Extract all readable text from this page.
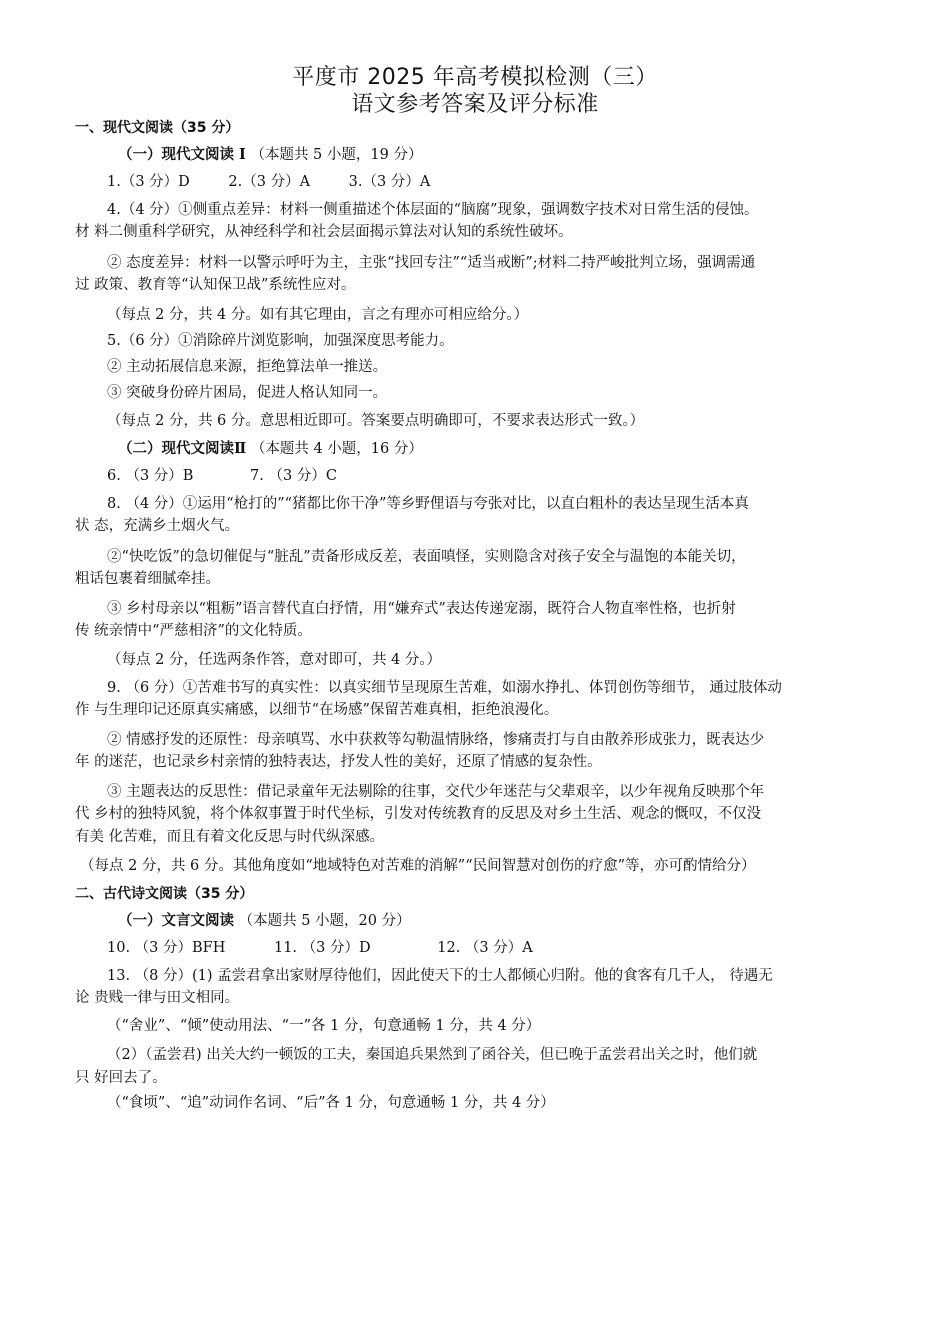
平度市 2025 年高考模拟检测（三）
语文参考答案及评分标准
一、现代文阅读（35 分）
（一）现代文阅读 I （本题共 5 小题，19 分）
1.（3 分）D	2.（3 分）A	3.（3 分）A
4.（4 分）①侧重点差异：材料一侧重描述个体层面的“脑腐”现象，强调数字技术对日常生活的侵蚀。
材 料二侧重科学研究，从神经科学和社会层面揭示算法对认知的系统性破坏。
② 态度差异：材料一以警示呼吁为主，主张“找回专注”“适当戒断”;材料二持严峻批判立场，强调需通
过 政策、教育等“认知保卫战”系统性应对。
（每点 2 分，共 4 分。如有其它理由，言之有理亦可相应给分。）
5.（6 分）①消除碎片浏览影响，加强深度思考能力。
② 主动拓展信息来源，拒绝算法单一推送。
③ 突破身份碎片困局，促进人格认知同一。
（每点 2 分，共 6 分。意思相近即可。答案要点明确即可，不要求表达形式一致。）
（二）现代文阅读Ⅱ （本题共 4 小题，16 分）
6. （3 分）B	7. （3 分）C
8. （4 分）①运用“枪打的”“猪都比你干净”等乡野俚语与夸张对比，以直白粗朴的表达呈现生活本真
状 态，充满乡土烟火气。
②“快吃饭”的急切催促与“脏乱”责备形成反差，表面嗔怪，实则隐含对孩子安全与温饱的本能关切，
粗话包裹着细腻牵挂。
③ 乡村母亲以“粗粝”语言替代直白抒情，用“嫌弃式”表达传递宠溺，既符合人物直率性格，也折射
传 统亲情中“严慈相济”的文化特质。
（每点 2 分，任选两条作答，意对即可，共 4 分。）
9. （6 分）①苦难书写的真实性：以真实细节呈现原生苦难，如溺水挣扎、体罚创伤等细节， 通过肢体动
作 与生理印记还原真实痛感，以细节“在场感”保留苦难真相，拒绝浪漫化。
② 情感抒发的还原性：母亲嗔骂、水中获救等勾勒温情脉络，惨痛责打与自由散养形成张力，既表达少
年 的迷茫，也记录乡村亲情的独特表达，抒发人性的美好，还原了情感的复杂性。
③ 主题表达的反思性：借记录童年无法剔除的往事，交代少年迷茫与父辈艰辛，以少年视角反映那个年
代 乡村的独特风貌，将个体叙事置于时代坐标，引发对传统教育的反思及对乡土生活、观念的慨叹，不仅没
有美 化苦难，而且有着文化反思与时代纵深感。
（每点 2 分，共 6 分。其他角度如“地域特色对苦难的消解”“民间智慧对创伤的疗愈”等，亦可酌情给分）
二、古代诗文阅读（35 分）
（一）文言文阅读 （本题共 5 小题，20 分）
10. （3 分）BFH	11. （3 分）D	12. （3 分）A
13. （8 分）(1) 孟尝君拿出家财厚待他们，因此使天下的士人都倾心归附。他的食客有几千人， 待遇无
论 贵贱一律与田文相同。
（“舍业”、“倾”使动用法、“一”各 1 分，句意通畅 1 分，共 4 分）
（2）（孟尝君) 出关大约一顿饭的工夫，秦国追兵果然到了函谷关，但已晚于孟尝君出关之时，他们就
只 好回去了。
（“食顷”、“追”动词作名词、“后”各 1 分，句意通畅 1 分，共 4 分）
